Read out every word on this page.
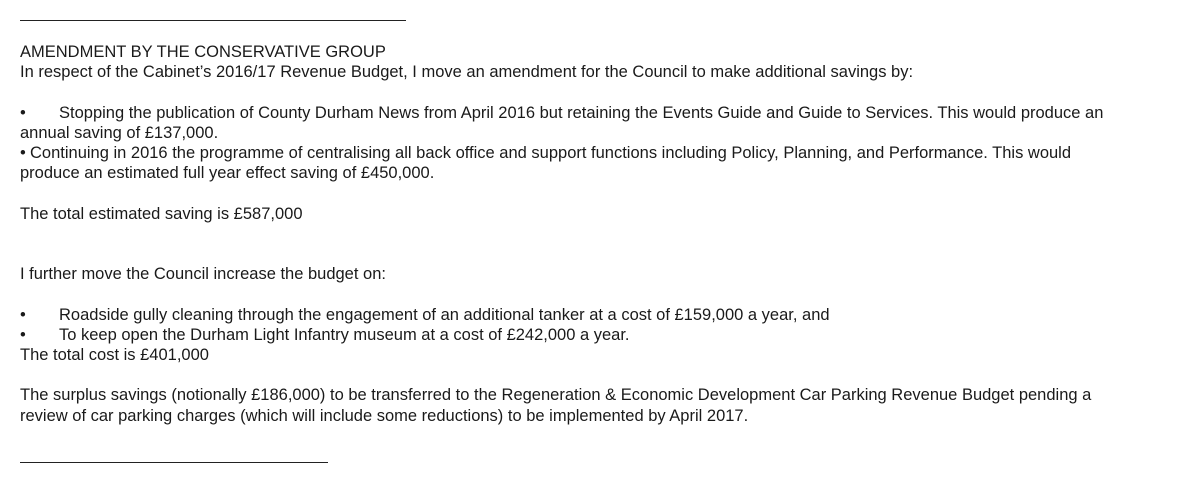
AMENDMENT BY THE CONSERVATIVE GROUP
In respect of the Cabinet’s 2016/17 Revenue Budget, I move an amendment for the Council to make additional savings by:
• Stopping the publication of County Durham News from April 2016 but retaining the Events Guide and Guide to Services. This would produce an
annual saving of £137,000.
• Continuing in 2016 the programme of centralising all back office and support functions including Policy, Planning, and Performance. This would
produce an estimated full year effect saving of £450,000.
The total estimated saving is £587,000
I further move the Council increase the budget on:
• Roadside gully cleaning through the engagement of an additional tanker at a cost of £159,000 a year, and
• To keep open the Durham Light Infantry museum at a cost of £242,000 a year.
The total cost is £401,000
The surplus savings (notionally £186,000) to be transferred to the Regeneration & Economic Development Car Parking Revenue Budget pending a
review of car parking charges (which will include some reductions) to be implemented by April 2017.
